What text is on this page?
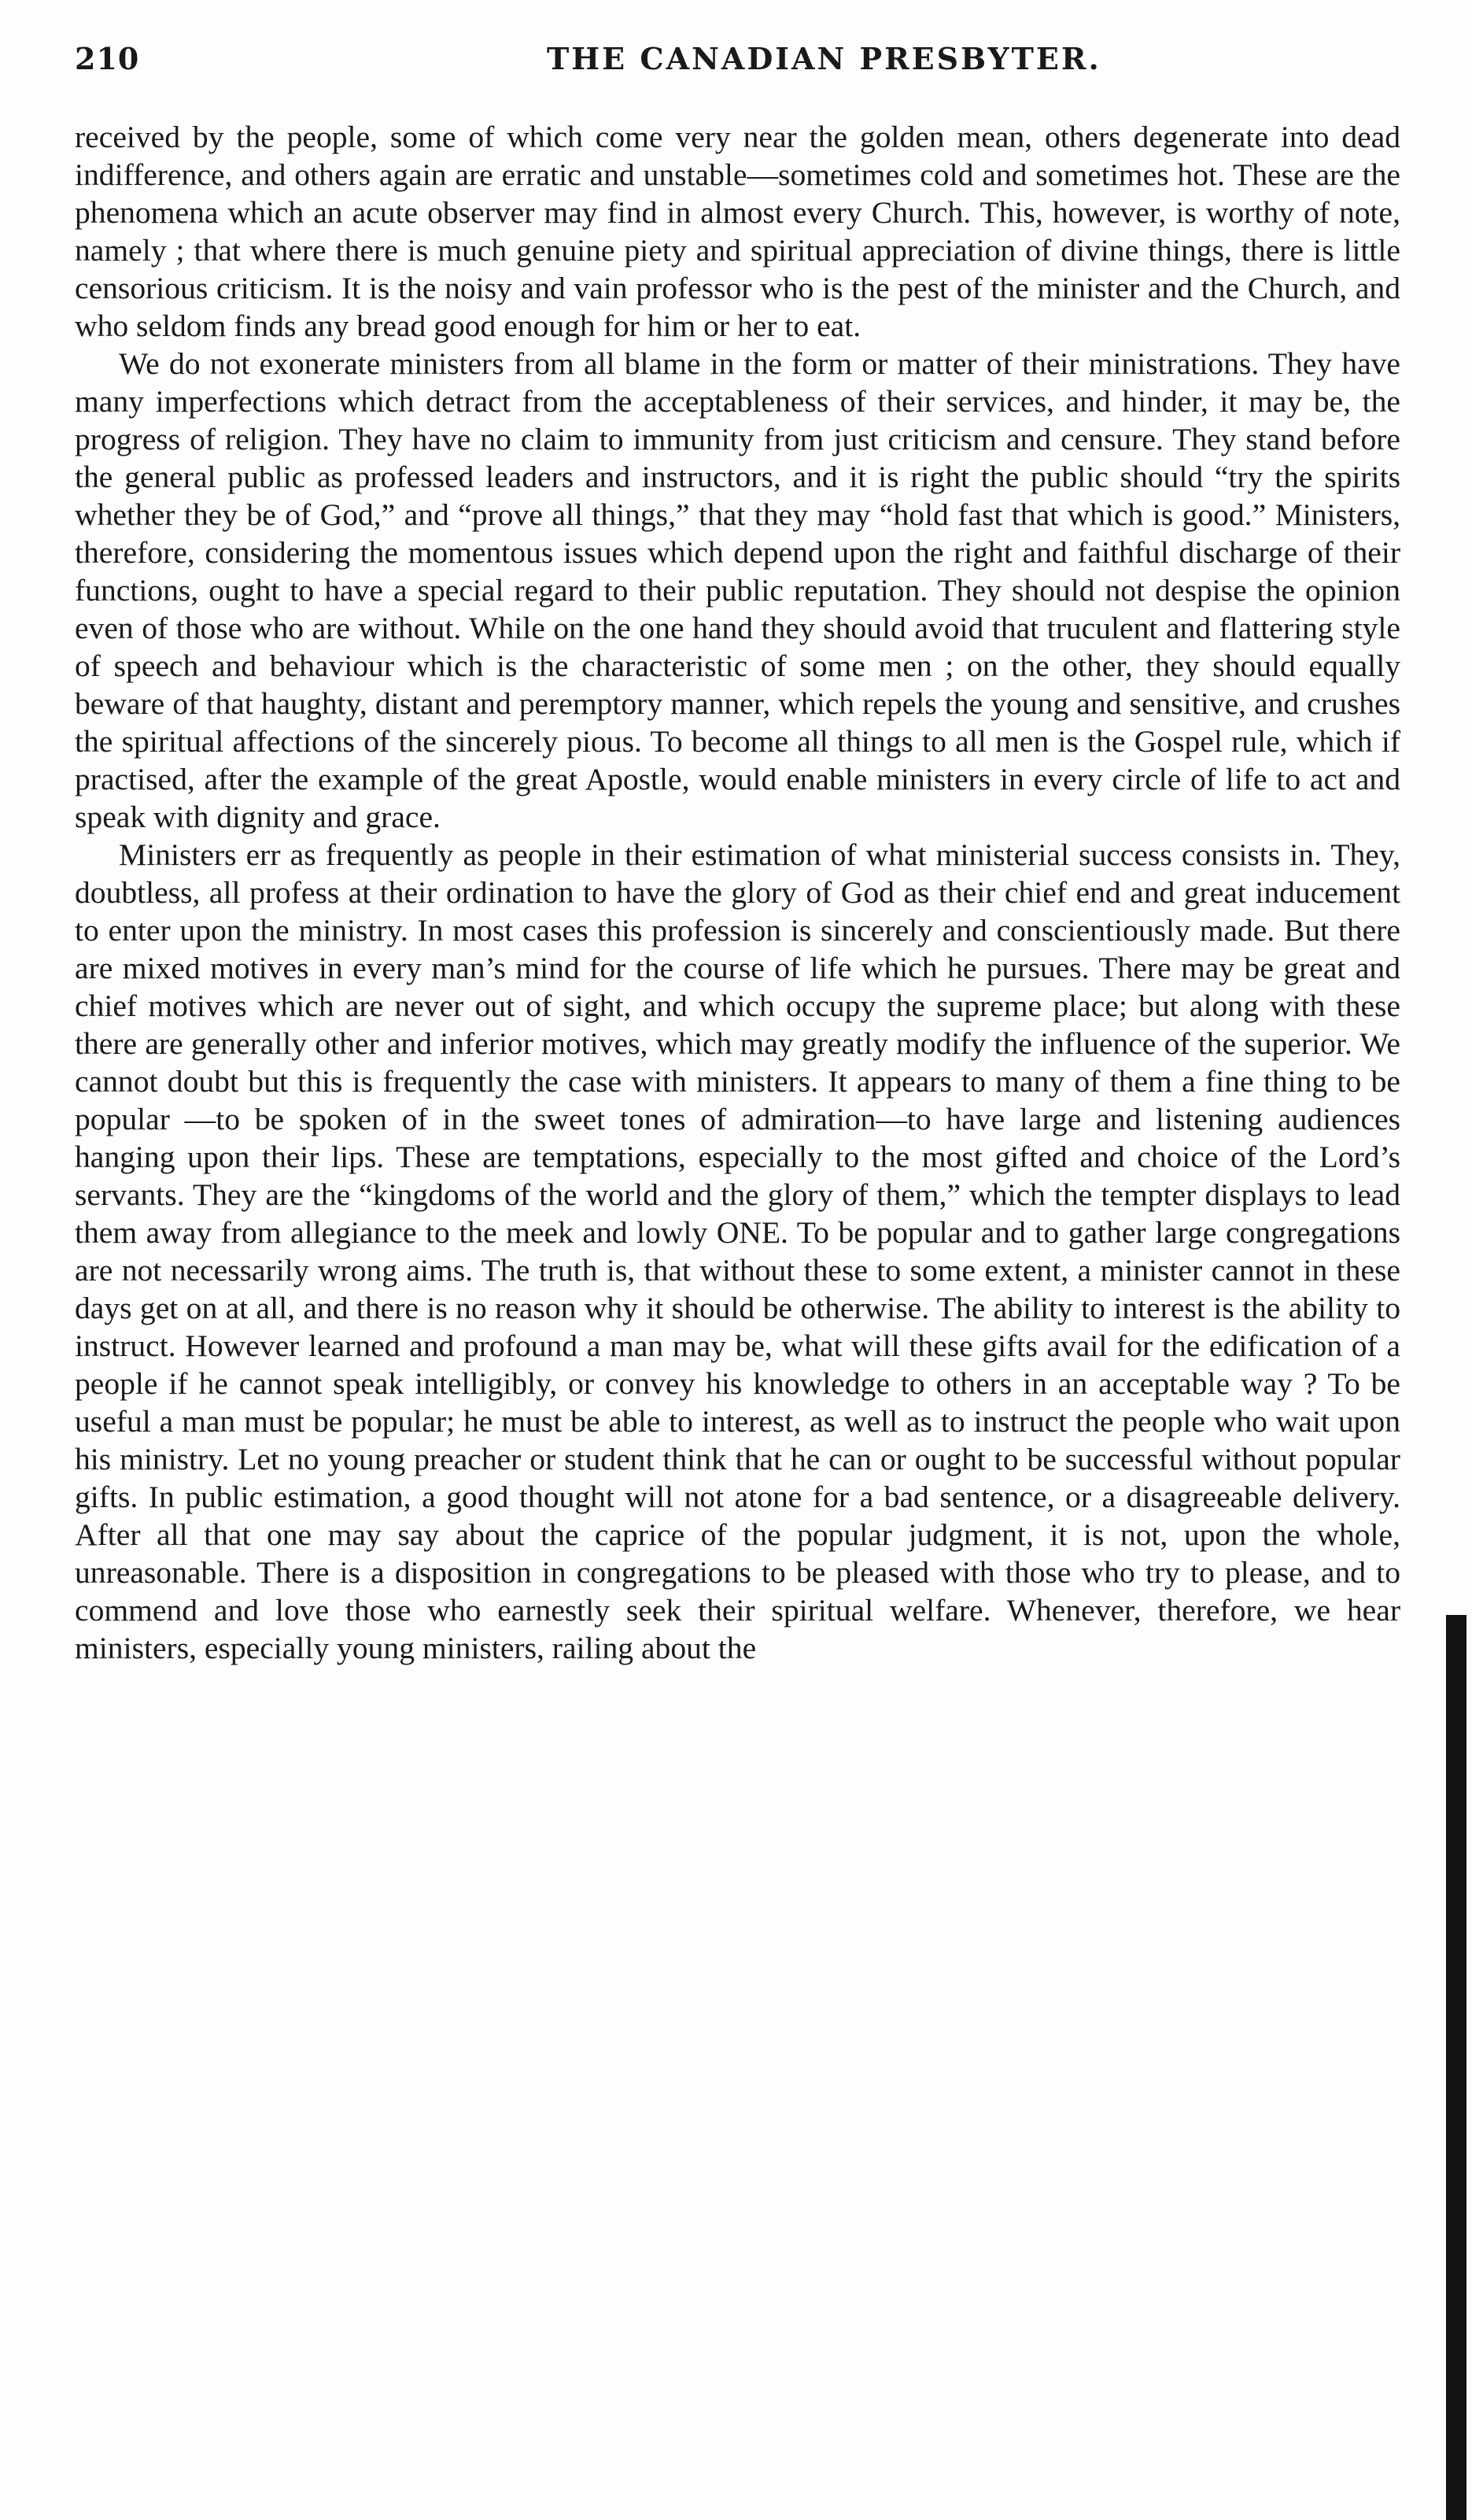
210	THE CANADIAN PRESBYTER.

received by the people, some of which come very near the golden mean, others degenerate into dead indifference, and others again are erratic and unstable—sometimes cold and sometimes hot. These are the phenomena which an acute observer may find in almost every Church. This, however, is worthy of note, namely ; that where there is much genuine piety and spiritual appreciation of divine things, there is little censorious criticism. It is the noisy and vain professor who is the pest of the minister and the Church, and who seldom finds any bread good enough for him or her to eat.

We do not exonerate ministers from all blame in the form or matter of their ministrations. They have many imperfections which detract from the acceptableness of their services, and hinder, it may be, the progress of religion. They have no claim to immunity from just criticism and censure. They stand before the general public as professed leaders and instructors, and it is right the public should “try the spirits whether they be of God,” and “prove all things,” that they may “hold fast that which is good.” Ministers, therefore, considering the momentous issues which depend upon the right and faithful discharge of their functions, ought to have a special regard to their public reputation. They should not despise the opinion even of those who are without. While on the one hand they should avoid that truculent and flattering style of speech and behaviour which is the characteristic of some men ; on the other, they should equally beware of that haughty, distant and peremptory manner, which repels the young and sensitive, and crushes the spiritual affections of the sincerely pious. To become all things to all men is the Gospel rule, which if practised, after the example of the great Apostle, would enable ministers in every circle of life to act and speak with dignity and grace.

Ministers err as frequently as people in their estimation of what ministerial success consists in. They, doubtless, all profess at their ordination to have the glory of God as their chief end and great inducement to enter upon the ministry. In most cases this profession is sincerely and conscientiously made. But there are mixed motives in every man’s mind for the course of life which he pursues. There may be great and chief motives which are never out of sight, and which occupy the supreme place; but along with these there are generally other and inferior motives, which may greatly modify the influence of the superior. We cannot doubt but this is frequently the case with ministers. It appears to many of them a fine thing to be popular —to be spoken of in the sweet tones of admiration—to have large and listening audiences hanging upon their lips. These are temptations, especially to the most gifted and choice of the Lord’s servants. They are the “kingdoms of the world and the glory of them,” which the tempter displays to lead them away from allegiance to the meek and lowly ONE. To be popular and to gather large congregations are not necessarily wrong aims. The truth is, that without these to some extent, a minister cannot in these days get on at all, and there is no reason why it should be otherwise. The ability to interest is the ability to instruct. However learned and profound a man may be, what will these gifts avail for the edification of a people if he cannot speak intelligibly, or convey his knowledge to others in an acceptable way ? To be useful a man must be popular; he must be able to interest, as well as to instruct the people who wait upon his ministry. Let no young preacher or student think that he can or ought to be successful without popular gifts. In public estimation, a good thought will not atone for a bad sentence, or a disagreeable delivery. After all that one may say about the caprice of the popular judgment, it is not, upon the whole, unreasonable. There is a disposition in congregations to be pleased with those who try to please, and to commend and love those who earnestly seek their spiritual welfare. Whenever, therefore, we hear ministers, especially young ministers, railing about the
